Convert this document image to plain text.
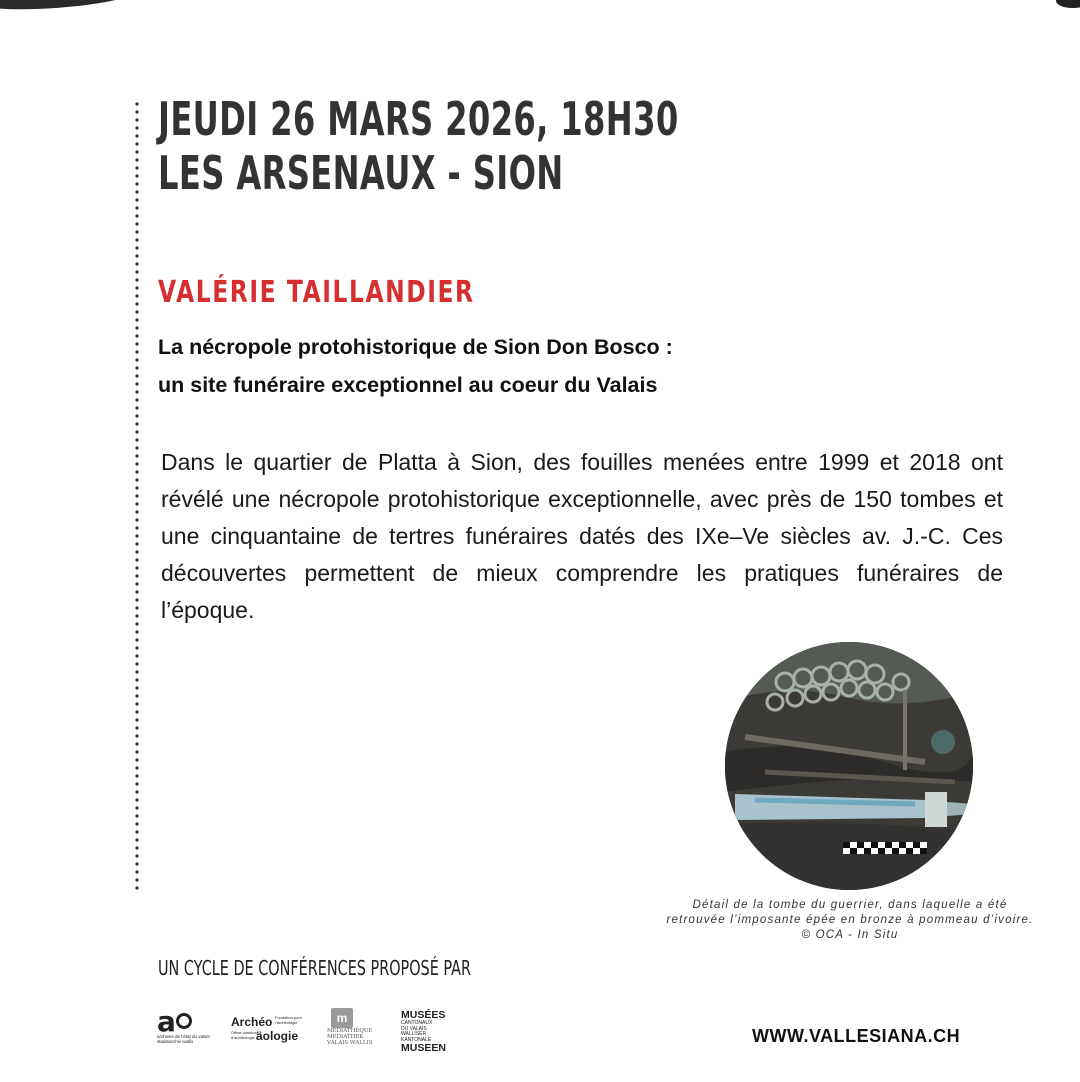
JEUDI 26 MARS 2026, 18H30
LES ARSENAUX - SION
VALÉRIE TAILLANDIER
La nécropole protohistorique de Sion Don Bosco :
un site funéraire exceptionnel au coeur du Valais

Dans le quartier de Platta à Sion, des fouilles menées entre 1999 et 2018 ont révélé une nécropole protohistorique exceptionnelle, avec près de 150 tombes et une cinquantaine de tertres funéraires datés des IXe–Ve siècles av. J.-C. Ces découvertes permettent de mieux comprendre les pratiques funéraires de l’époque.

Détail de la tombe du guerrier, dans laquelle a été
retrouvée l’imposante épée en bronze à pommeau d’ivoire.
© OCA - In Situ

UN CYCLE DE CONFÉRENCES PROPOSÉ PAR

a
archives de l’état du valais
staatsarchiv wallis
Archéo
äologie
Fondation pour
l’archéologie
Office cantonal
d’archéologie
m
MÉDIATHÈQUE
MEDIATHEK
VALAIS WALLIS
MUSÉES
CANTONAUX
DU VALAIS
WALLISER
KANTONALE
MUSEEN

WWW.VALLESIANA.CH
